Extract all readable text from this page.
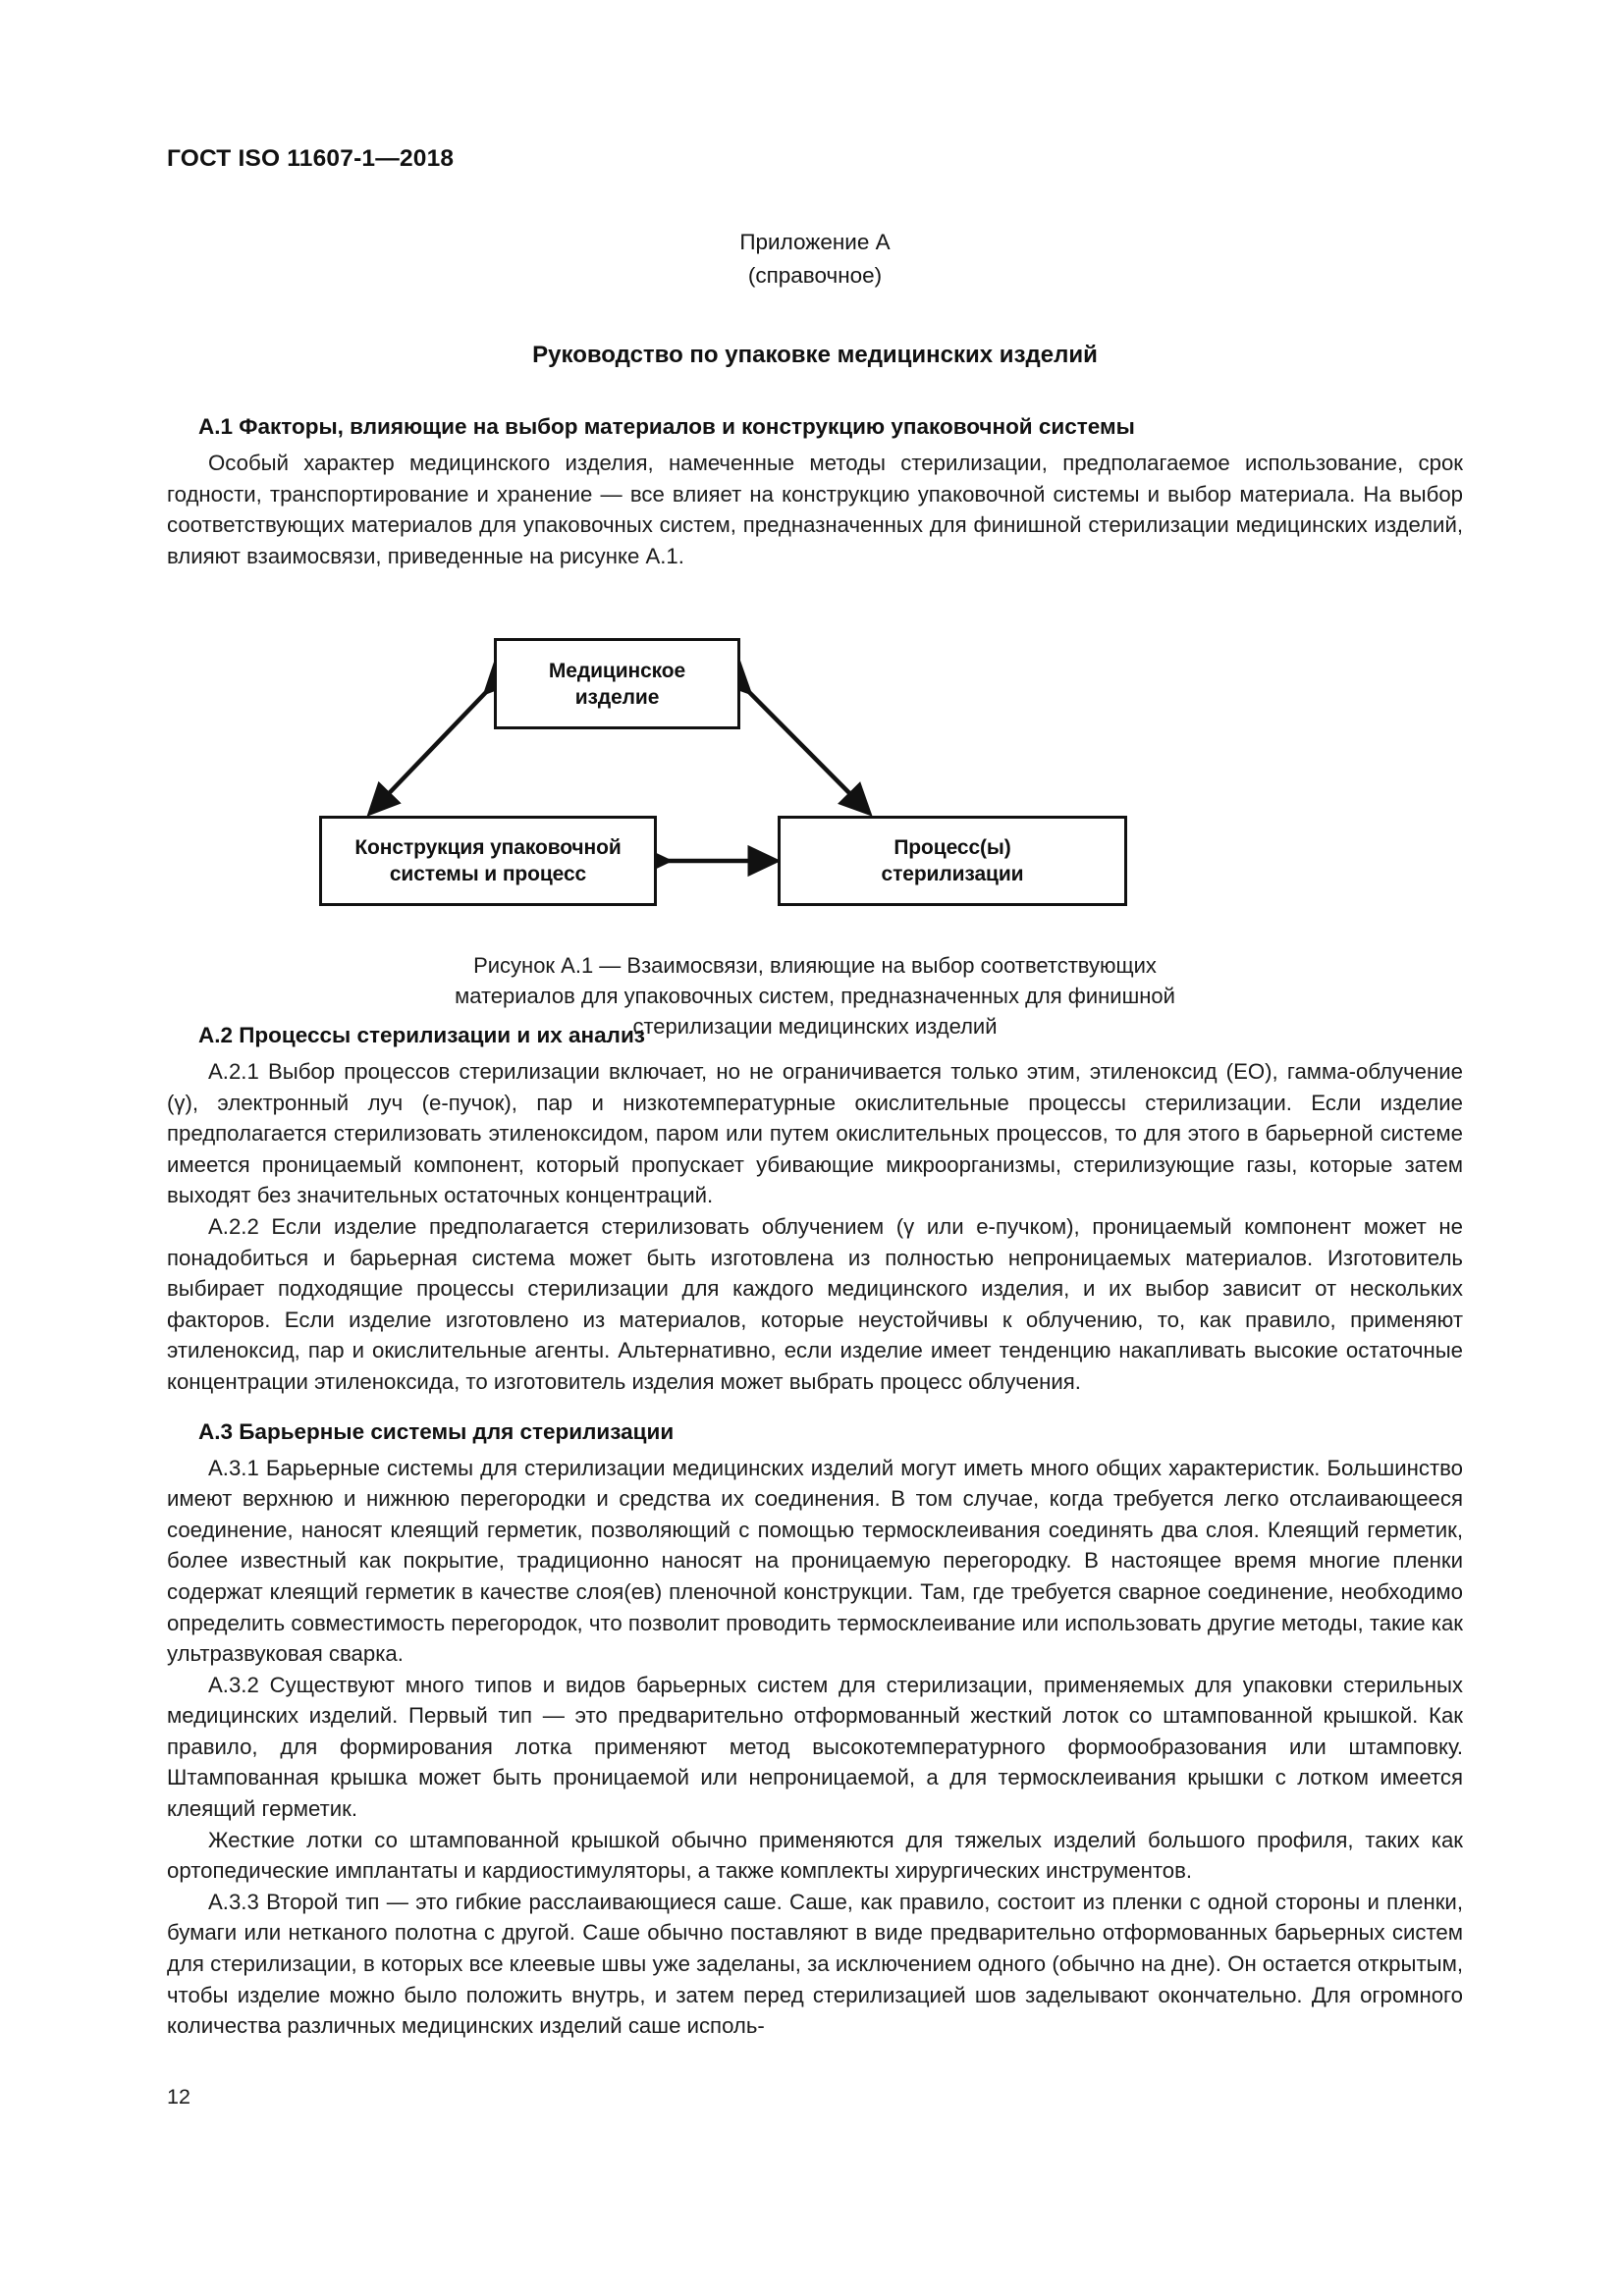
ГОСТ ISO 11607-1—2018
Приложение А
(справочное)
Руководство по упаковке медицинских изделий
A.1 Факторы, влияющие на выбор материалов и конструкцию упаковочной системы

Особый характер медицинского изделия, намеченные методы стерилизации, предполагаемое использование, срок годности, транспортирование и хранение — все влияет на конструкцию упаковочной системы и выбор материала. На выбор соответствующих материалов для упаковочных систем, предназначенных для финишной стерилизации медицинских изделий, влияют взаимосвязи, приведенные на рисунке А.1.

Медицинское
изделие
Конструкция упаковочной
системы и процесс
Процесс(ы)
стерилизации
Рисунок А.1 — Взаимосвязи, влияющие на выбор соответствующих
материалов для упаковочных систем, предназначенных для финишной
стерилизации медицинских изделий
A.2 Процессы стерилизации и их анализ

A.2.1 Выбор процессов стерилизации включает, но не ограничивается только этим, этиленоксид (ЕО), гамма-облучение (γ), электронный луч (е-пучок), пар и низкотемпературные окислительные процессы стерилизации. Если изделие предполагается стерилизовать этиленоксидом, паром или путем окислительных процессов, то для этого в барьерной системе имеется проницаемый компонент, который пропускает убивающие микроорганизмы, стерилизующие газы, которые затем выходят без значительных остаточных концентраций.

A.2.2 Если изделие предполагается стерилизовать облучением (γ или е-пучком), проницаемый компонент может не понадобиться и барьерная система может быть изготовлена из полностью непроницаемых материалов. Изготовитель выбирает подходящие процессы стерилизации для каждого медицинского изделия, и их выбор зависит от нескольких факторов. Если изделие изготовлено из материалов, которые неустойчивы к облучению, то, как правило, применяют этиленоксид, пар и окислительные агенты. Альтернативно, если изделие имеет тенденцию накапливать высокие остаточные концентрации этиленоксида, то изготовитель изделия может выбрать процесс облучения.

A.3 Барьерные системы для стерилизации

A.3.1 Барьерные системы для стерилизации медицинских изделий могут иметь много общих характеристик. Большинство имеют верхнюю и нижнюю перегородки и средства их соединения. В том случае, когда требуется легко отслаивающееся соединение, наносят клеящий герметик, позволяющий с помощью термосклеивания соединять два слоя. Клеящий герметик, более известный как покрытие, традиционно наносят на проницаемую перегородку. В настоящее время многие пленки содержат клеящий герметик в качестве слоя(ев) пленочной конструкции. Там, где требуется сварное соединение, необходимо определить совместимость перегородок, что позволит проводить термосклеивание или использовать другие методы, такие как ультразвуковая сварка.

A.3.2 Существуют много типов и видов барьерных систем для стерилизации, применяемых для упаковки стерильных медицинских изделий. Первый тип — это предварительно отформованный жесткий лоток со штампованной крышкой. Как правило, для формирования лотка применяют метод высокотемпературного формообразования или штамповку. Штампованная крышка может быть проницаемой или непроницаемой, а для термосклеивания крышки с лотком имеется клеящий герметик.

Жесткие лотки со штампованной крышкой обычно применяются для тяжелых изделий большого профиля, таких как ортопедические имплантаты и кардиостимуляторы, а также комплекты хирургических инструментов.

A.3.3 Второй тип — это гибкие расслаивающиеся саше. Саше, как правило, состоит из пленки с одной стороны и пленки, бумаги или нетканого полотна с другой. Саше обычно поставляют в виде предварительно отформованных барьерных систем для стерилизации, в которых все клеевые швы уже заделаны, за исключением одного (обычно на дне). Он остается открытым, чтобы изделие можно было положить внутрь, и затем перед стерилизацией шов заделывают окончательно. Для огромного количества различных медицинских изделий саше исполь-

12
